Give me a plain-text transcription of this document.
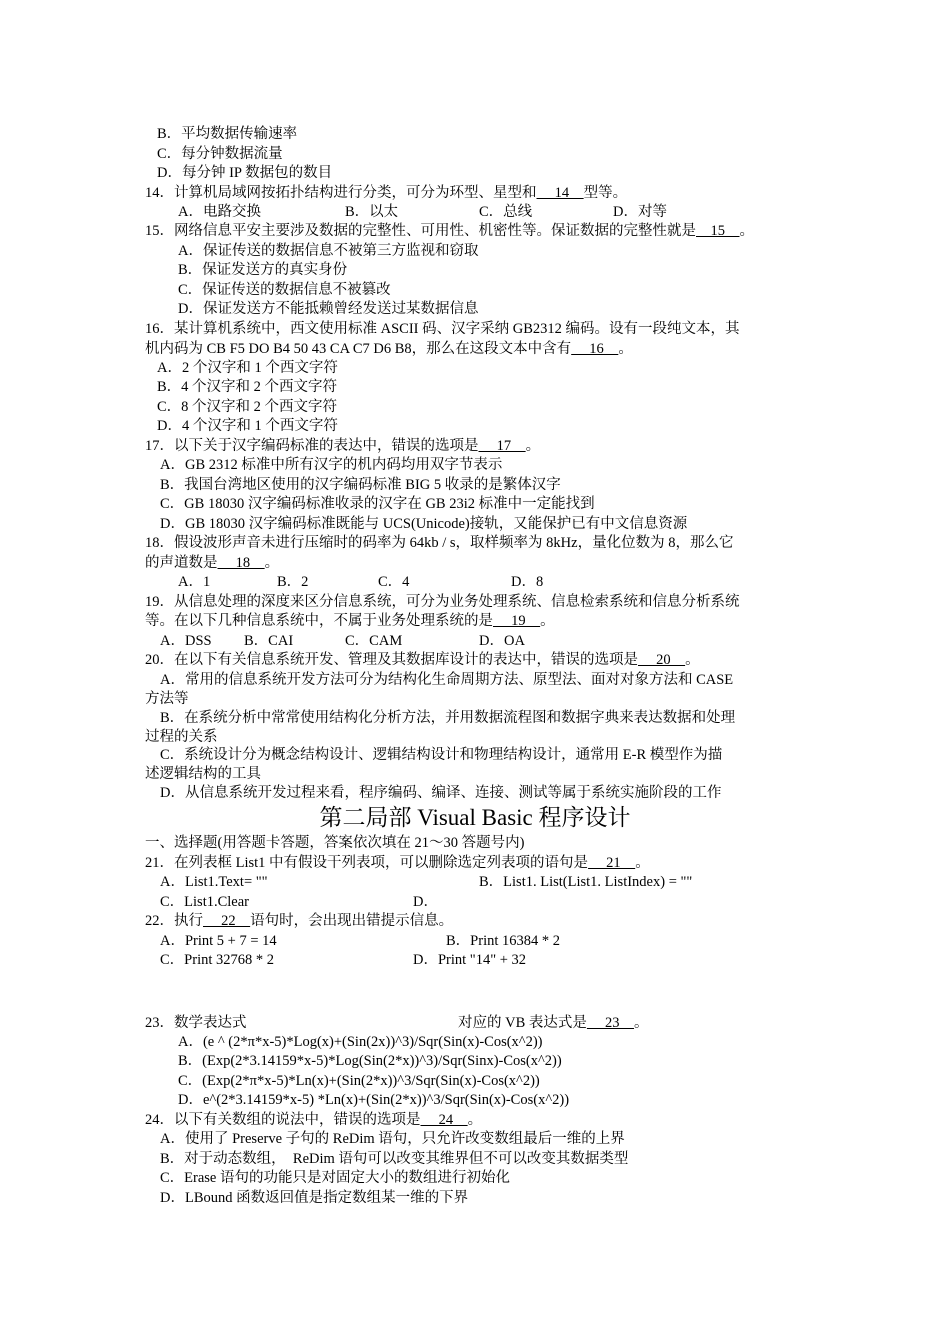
B．平均数据传输速率
C．每分钟数据流量
D．每分钟 IP 数据包的数目
14．计算机局域网按拓扑结构进行分类，可分为环型、星型和　 14　型等。
A．电路交换	B．以太	C．总线	D．对等
15．网络信息平安主要涉及数据的完整性、可用性、机密性等。保证数据的完整性就是　15　。
A．保证传送的数据信息不被第三方监视和窃取
B．保证发送方的真实身份
C．保证传送的数据信息不被篡改
D．保证发送方不能抵赖曾经发送过某数据信息
16．某计算机系统中，西文使用标准 ASCII 码、汉字采纳 GB2312 编码。设有一段纯文本，其
机内码为 CB F5 DO B4 50 43 CA C7 D6 B8，那么在这段文本中含有　 16　。
A．2 个汉字和 1 个西文字符
B．4 个汉字和 2 个西文字符
C．8 个汉字和 2 个西文字符
D．4 个汉字和 1 个西文字符
17．以下关于汉字编码标准的表达中，错误的选项是　 17　。
A．GB 2312 标准中所有汉字的机内码均用双字节表示
B．我国台湾地区使用的汉字编码标准 BIG 5 收录的是繁体汉字
C．GB 18030 汉字编码标准收录的汉字在 GB 23i2 标准中一定能找到
D．GB 18030 汉字编码标准既能与 UCS(Unicode)接轨，又能保护已有中文信息资源
18．假设波形声音未进行压缩时的码率为 64kb / s，取样频率为 8kHz，量化位数为 8，那么它
的声道数是　 18　。
A．1	B．2	C．4	D．8
19．从信息处理的深度来区分信息系统，可分为业务处理系统、信息检索系统和信息分析系统
等。在以下几种信息系统中，不属于业务处理系统的是　 19　。
A．DSS B．CAI	C．CAM	D．OA
20．在以下有关信息系统开发、管理及其数据库设计的表达中，错误的选项是　 20　。
A．常用的信息系统开发方法可分为结构化生命周期方法、原型法、面对对象方法和 CASE
方法等
B．在系统分析中常常使用结构化分析方法，并用数据流程图和数据字典来表达数据和处理
过程的关系
C．系统设计分为概念结构设计、逻辑结构设计和物理结构设计，通常用 E-R 模型作为描
述逻辑结构的工具
D．从信息系统开发过程来看，程序编码、编译、连接、测试等属于系统实施阶段的工作
第二局部 Visual Basic 程序设计
一、选择题(用答题卡答题，答案依次填在 21～30 答题号内)
21．在列表框 List1 中有假设干列表项，可以删除选定列表项的语句是　 21　。
A．List1.Text= ""	B．List1. List(List1. ListIndex) = ""
C．List1.Clear	D．
22．执行　 22　语句时，会出现出错提示信息。
A．Print 5 + 7 = 14	B．Print 16384 * 2
C．Print 32768 * 2	D．Print "14" + 32
23．数学表达式	对应的 VB 表达式是　 23　。
A．(e ^ (2*π*x-5)*Log(x)+(Sin(2x))^3)/Sqr(Sin(x)-Cos(x^2))
B．(Exp(2*3.14159*x-5)*Log(Sin(2*x))^3)/Sqr(Sinx)-Cos(x^2))
C．(Exp(2*π*x-5)*Ln(x)+(Sin(2*x))^3/Sqr(Sin(x)-Cos(x^2))
D．e^(2*3.14159*x-5) *Ln(x)+(Sin(2*x))^3/Sqr(Sin(x)-Cos(x^2))
24．以下有关数组的说法中，错误的选项是　 24　。
A．使用了 Preserve 子句的 ReDim 语句，只允许改变数组最后一维的上界
B．对于动态数组，　ReDim 语句可以改变其维界但不可以改变其数据类型
C．Erase 语句的功能只是对固定大小的数组进行初始化
D．LBound 函数返回值是指定数组某一维的下界
